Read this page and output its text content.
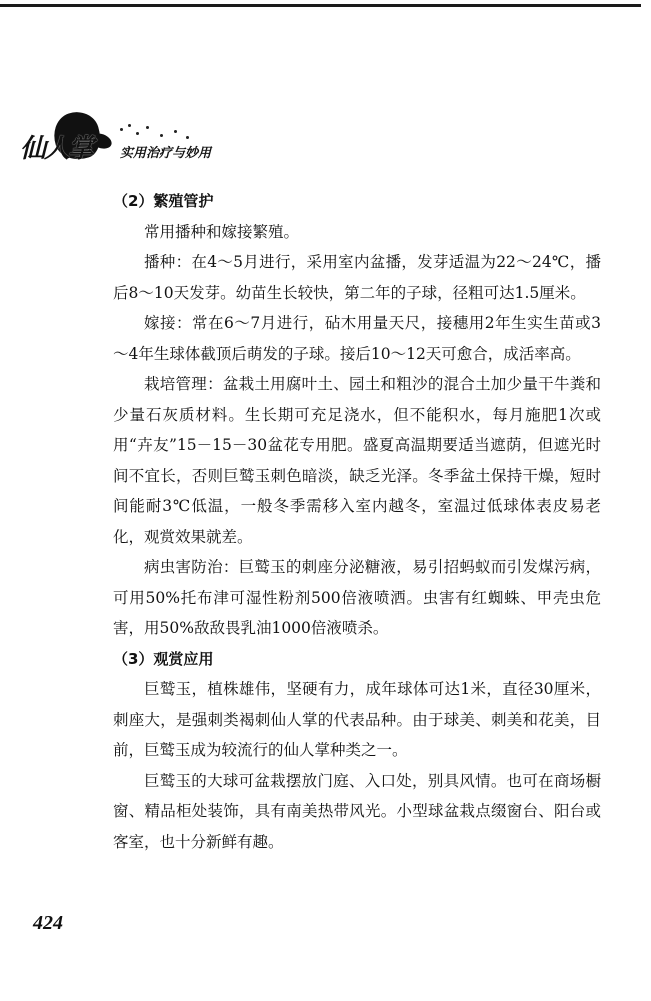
仙人掌 实用治疗与妙用

（2）繁殖管护

常用播种和嫁接繁殖。

播种：在4～5月进行，采用室内盆播，发芽适温为22～24℃，播后8～10天发芽。幼苗生长较快，第二年的子球，径粗可达1.5厘米。

嫁接：常在6～7月进行，砧木用量天尺，接穗用2年生实生苗或3～4年生球体截顶后萌发的子球。接后10～12天可愈合，成活率高。

栽培管理：盆栽土用腐叶土、园土和粗沙的混合土加少量干牛粪和少量石灰质材料。生长期可充足浇水，但不能积水，每月施肥1次或用“卉友”15－15－30盆花专用肥。盛夏高温期要适当遮荫，但遮光时间不宜长，否则巨鹫玉刺色暗淡，缺乏光泽。冬季盆土保持干燥，短时间能耐3℃低温，一般冬季需移入室内越冬，室温过低球体表皮易老化，观赏效果就差。

病虫害防治：巨鹫玉的刺座分泌糖液，易引招蚂蚁而引发煤污病，可用50%托布津可湿性粉剂500倍液喷洒。虫害有红蜘蛛、甲壳虫危害，用50%敌敌畏乳油1000倍液喷杀。

（3）观赏应用

巨鹫玉，植株雄伟，坚硬有力，成年球体可达1米，直径30厘米，刺座大，是强刺类褐刺仙人掌的代表品种。由于球美、刺美和花美，目前，巨鹫玉成为较流行的仙人掌种类之一。

巨鹫玉的大球可盆栽摆放门庭、入口处，别具风情。也可在商场橱窗、精品柜处装饰，具有南美热带风光。小型球盆栽点缀窗台、阳台或客室，也十分新鲜有趣。

424
